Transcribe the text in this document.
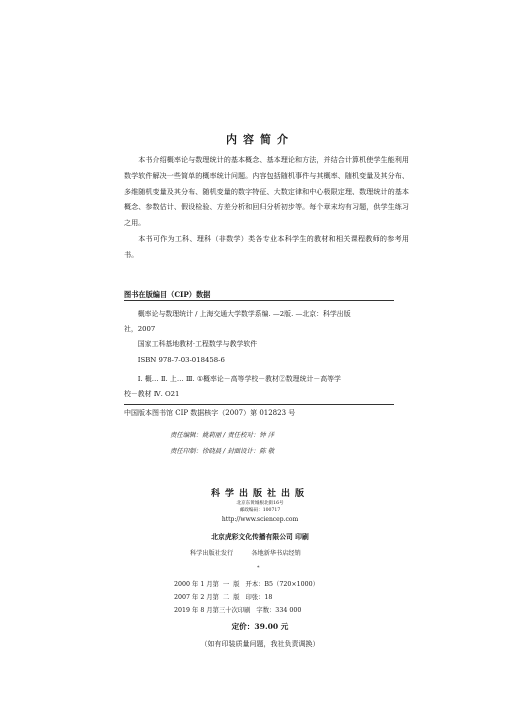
内容简介

本书介绍概率论与数理统计的基本概念、基本理论和方法，并结合计算机使学生能利用数学软件解决一些简单的概率统计问题。内容包括随机事件与其概率、随机变量及其分布、多维随机变量及其分布、随机变量的数字特征、大数定律和中心极限定理、数理统计的基本概念、参数估计、假设检验、方差分析和回归分析初步等。每个章末均有习题，供学生练习之用。

本书可作为工科、理科（非数学）类各专业本科学生的教材和相关课程教师的参考用书。

图书在版编目（CIP）数据
概率论与数理统计 / 上海交通大学数学系编. —2版. —北京：科学出版
社，2007
国家工科基地教材·工程数学与教学软件
ISBN 978-7-03-018458-6
Ⅰ. 概… Ⅱ. 上… Ⅲ. ①概率论－高等学校－教材②数理统计－高等学
校－教材 Ⅳ. O21
中国版本图书馆 CIP 数据核字（2007）第 012823 号
责任编辑：姚莉丽 / 责任校对：钟 洋
责任印制：徐晓晨 / 封面设计：陈 敬
科学出版社出版
北京东黄城根北街16号
邮政编码：100717
http://www.sciencep.com
北京虎彩文化传播有限公司 印刷
科学出版社发行	各地新华书店经销
*
2000 年 1 月第  一  版   开本：B5（720×1000）
2007 年 2 月第  二  版   印张：18
2019 年 8 月第三十次印刷   字数：334 000
定价：39.00 元
（如有印装质量问题，我社负责调换）
